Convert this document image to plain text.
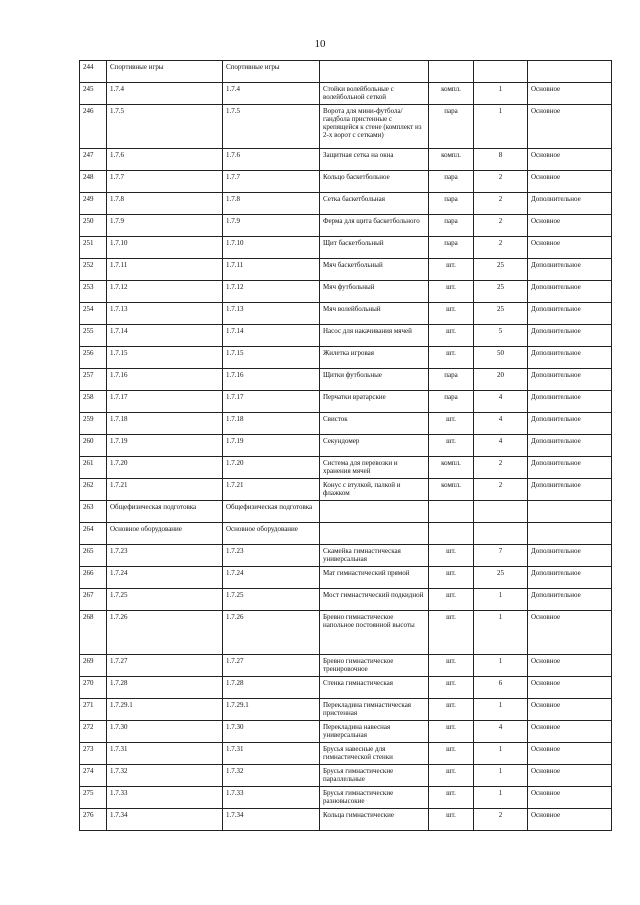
10
244	Спортивные игры	Спортивные игры				
245	1.7.4	1.7.4	Стойки волейбольные с волейбольной сеткой	компл.	1	Основное
246	1.7.5	1.7.5	Ворота для мини-футбола/гандбола пристенные с крепящейся к стене (комплект из 2-х ворот с сетками)	пара	1	Основное
247	1.7.6	1.7.6	Защитная сетка на окна	компл.	8	Основное
248	1.7.7	1.7.7	Кольцо баскетбольное	пара	2	Основное
249	1.7.8	1.7.8	Сетка баскетбольная	пара	2	Дополнительное
250	1.7.9	1.7.9	Ферма для щита баскетбольного	пара	2	Основное
251	1.7.10	1.7.10	Щит баскетбольный	пара	2	Основное
252	1.7.11	1.7.11	Мяч баскетбольный	шт.	25	Дополнительное
253	1.7.12	1.7.12	Мяч футбольный	шт.	25	Дополнительное
254	1.7.13	1.7.13	Мяч волейбольный	шт.	25	Дополнительное
255	1.7.14	1.7.14	Насос для накачивания мячей	шт.	5	Дополнительное
256	1.7.15	1.7.15	Жилетка игровая	шт.	50	Дополнительное
257	1.7.16	1.7.16	Щитки футбольные	пара	20	Дополнительное
258	1.7.17	1.7.17	Перчатки вратарские	пара	4	Дополнительное
259	1.7.18	1.7.18	Свисток	шт.	4	Дополнительное
260	1.7.19	1.7.19	Секундомер	шт.	4	Дополнительное
261	1.7.20	1.7.20	Система для перевозки и хранения мячей	компл.	2	Дополнительное
262	1.7.21	1.7.21	Конус с втулкой, палкой и флажком	компл.	2	Дополнительное
263	Общефизическая подготовка	Общефизическая подготовка				
264	Основное оборудование	Основное оборудование				
265	1.7.23	1.7.23	Скамейка гимнастическая универсальная	шт.	7	Дополнительное
266	1.7.24	1.7.24	Мат гимнастический прямой	шт.	25	Дополнительное
267	1.7.25	1.7.25	Мост гимнастический подкидной	шт.	1	Дополнительное
268	1.7.26	1.7.26	Бревно гимнастическое напольное постоянной высоты	шт.	1	Основное
269	1.7.27	1.7.27	Бревно гимнастическое тренировочное	шт.	1	Основное
270	1.7.28	1.7.28	Стенка гимнастическая	шт.	6	Основное
271	1.7.29.1	1.7.29.1	Перекладина гимнастическая пристенная	шт.	1	Основное
272	1.7.30	1.7.30	Перекладина навесная универсальная	шт.	4	Основное
273	1.7.31	1.7.31	Брусья навесные для гимнастической стенки	шт.	1	Основное
274	1.7.32	1.7.32	Брусья гимнастические параллельные	шт.	1	Основное
275	1.7.33	1.7.33	Брусья гимнастические разновысокие	шт.	1	Основное
276	1.7.34	1.7.34	Кольца гимнастические	шт.	2	Основное
